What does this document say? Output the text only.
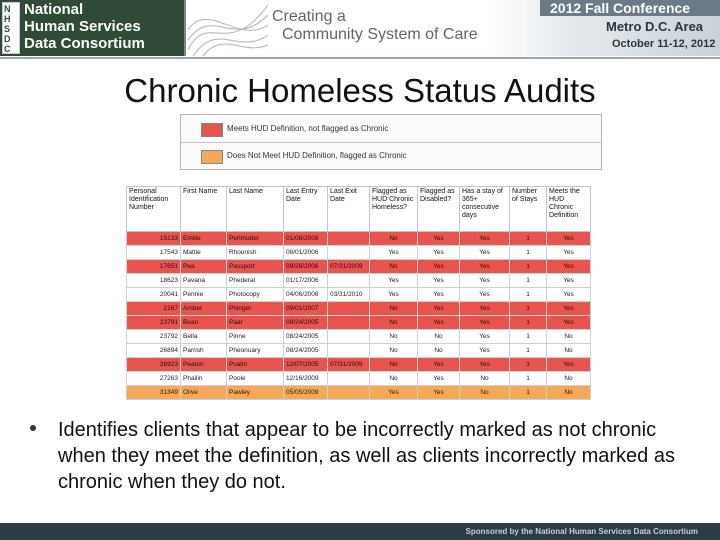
N
H
S
D
C
National
Human Services
Data Consortium
Creating a
Community System of Care
2012 Fall Conference
Metro D.C. Area
October 11-12, 2012
Chronic Homeless Status Audits
Meets HUD Definition, not flagged as Chronic
Does Not Meet HUD Definition, flagged as Chronic
Personal Identification Number	First Name	Last Name	Last Entry Date	Last Exit Date	Flagged as HUD Chronic Homeless?	Flagged as Disabled?	Has a stay of 365+ consecutive days	Number of Stays	Meets the HUD Chronic Definition
15133	Emilie	Perlmutter	01/08/2008		No	Yes	Yes	1	Yes
17543	Mattie	Rhounish	08/01/2006		Yes	Yes	Yes	1	Yes
17651	Pea	Passport	09/26/2006	07/31/2009	No	Yes	Yes	1	Yes
18623	Pavana	Phederal	01/17/2006		Yes	Yes	Yes	1	Yes
20041	Pennie	Photocopy	04/06/2006	03/31/2010	Yes	Yes	Yes	1	Yes
2167	Amber	Phinger	09/01/2007		No	Yes	Yes	1	Yes
23791	Bean	Paar	08/24/2005		No	Yes	Yes	1	Yes
23792	Bella	Pinne	08/24/2005		No	No	Yes	1	No
26894	Parrish	Pheonuary	08/24/2005		No	No	Yes	1	No
26923	Peaton	Psalm	12/07/2005	07/31/2009	No	Yes	Yes	1	Yes
27263	Phailin	Poole	12/16/2009		No	Yes	No	1	No
31349	Olive	Pawley	05/05/2009		Yes	Yes	No	1	No
Identifies clients that appear to be incorrectly marked as not chronic when they meet the definition, as well as clients incorrectly marked as chronic when they do not.
Sponsored by the National Human Services Data Consortium
